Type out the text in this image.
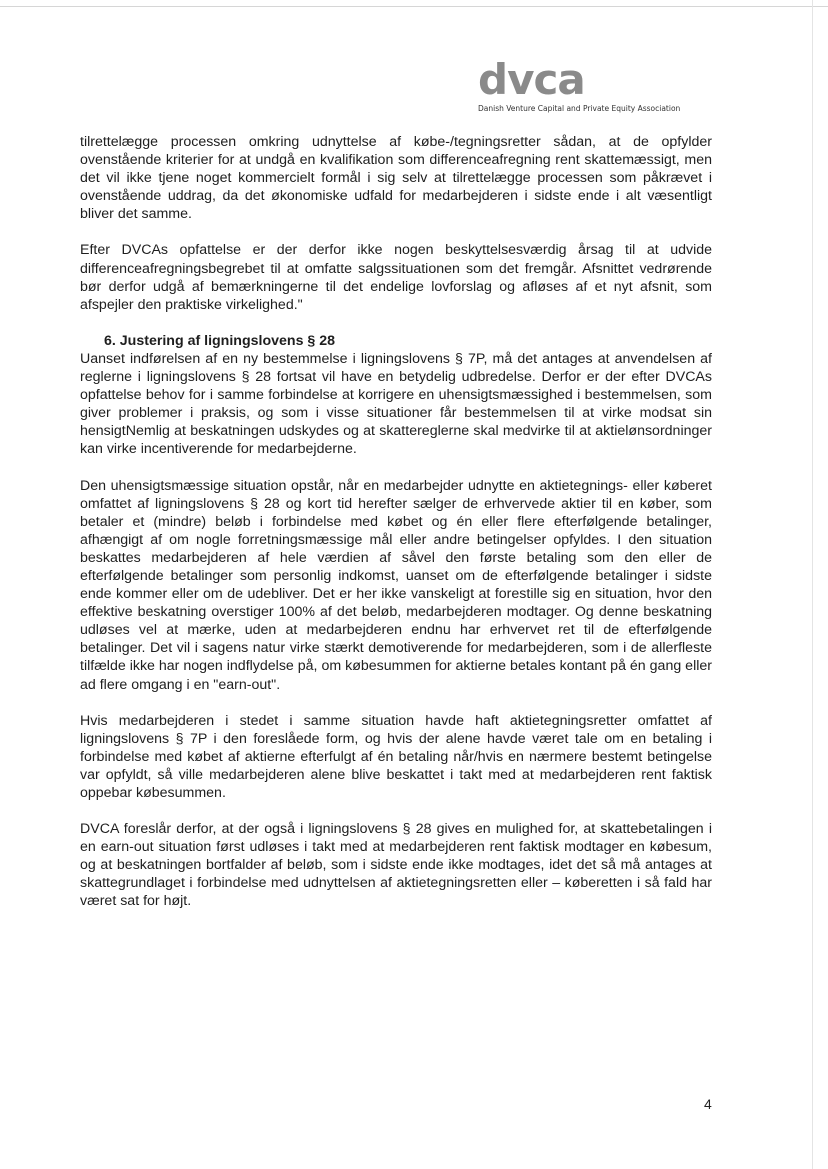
dvca
Danish Venture Capital and Private Equity Association

tilrettelægge processen omkring udnyttelse af købe-/tegningsretter sådan, at de opfylder ovenstående kriterier for at undgå en kvalifikation som differenceafregning rent skattemæssigt, men det vil ikke tjene noget kommercielt formål i sig selv at tilrettelægge processen som påkrævet i ovenstående uddrag, da det økonomiske udfald for medarbejderen i sidste ende i alt væsentligt bliver det samme.

Efter DVCAs opfattelse er der derfor ikke nogen beskyttelsesværdig årsag til at udvide differenceafregningsbegrebet til at omfatte salgssituationen som det fremgår. Afsnittet vedrørende bør derfor udgå af bemærkningerne til det endelige lovforslag og afløses af et nyt afsnit, som afspejler den praktiske virkelighed."

6. Justering af ligningslovens § 28

Uanset indførelsen af en ny bestemmelse i ligningslovens § 7P, må det antages at anvendelsen af reglerne i ligningslovens § 28 fortsat vil have en betydelig udbredelse. Derfor er der efter DVCAs opfattelse behov for i samme forbindelse at korrigere en uhensigtsmæssighed i bestemmelsen, som giver problemer i praksis, og som i visse situationer får bestemmelsen til at virke modsat sin hensigtNemlig at beskatningen udskydes og at skattereglerne skal medvirke til at aktielønsordninger kan virke incentiverende for medarbejderne.

Den uhensigtsmæssige situation opstår, når en medarbejder udnytte en aktietegnings- eller køberet omfattet af ligningslovens § 28 og kort tid herefter sælger de erhvervede aktier til en køber, som betaler et (mindre) beløb i forbindelse med købet og én eller flere efterfølgende betalinger, afhængigt af om nogle forretningsmæssige mål eller andre betingelser opfyldes. I den situation beskattes medarbejderen af hele værdien af såvel den første betaling som den eller de efterfølgende betalinger som personlig indkomst, uanset om de efterfølgende betalinger i sidste ende kommer eller om de udebliver. Det er her ikke vanskeligt at forestille sig en situation, hvor den effektive beskatning overstiger 100% af det beløb, medarbejderen modtager. Og denne beskatning udløses vel at mærke, uden at medarbejderen endnu har erhvervet ret til de efterfølgende betalinger. Det vil i sagens natur virke stærkt demotiverende for medarbejderen, som i de allerfleste tilfælde ikke har nogen indflydelse på, om købesummen for aktierne betales kontant på én gang eller ad flere omgang i en "earn-out".

Hvis medarbejderen i stedet i samme situation havde haft aktietegningsretter omfattet af ligningslovens § 7P i den foreslåede form, og hvis der alene havde været tale om en betaling i forbindelse med købet af aktierne efterfulgt af én betaling når/hvis en nærmere bestemt betingelse var opfyldt, så ville medarbejderen alene blive beskattet i takt med at medarbejderen rent faktisk oppebar købesummen.

DVCA foreslår derfor, at der også i ligningslovens § 28 gives en mulighed for, at skattebetalingen i en earn-out situation først udløses i takt med at medarbejderen rent faktisk modtager en købesum, og at beskatningen bortfalder af beløb, som i sidste ende ikke modtages, idet det så må antages at skattegrundlaget i forbindelse med udnyttelsen af aktietegningsretten eller – køberetten i så fald har været sat for højt.

4
